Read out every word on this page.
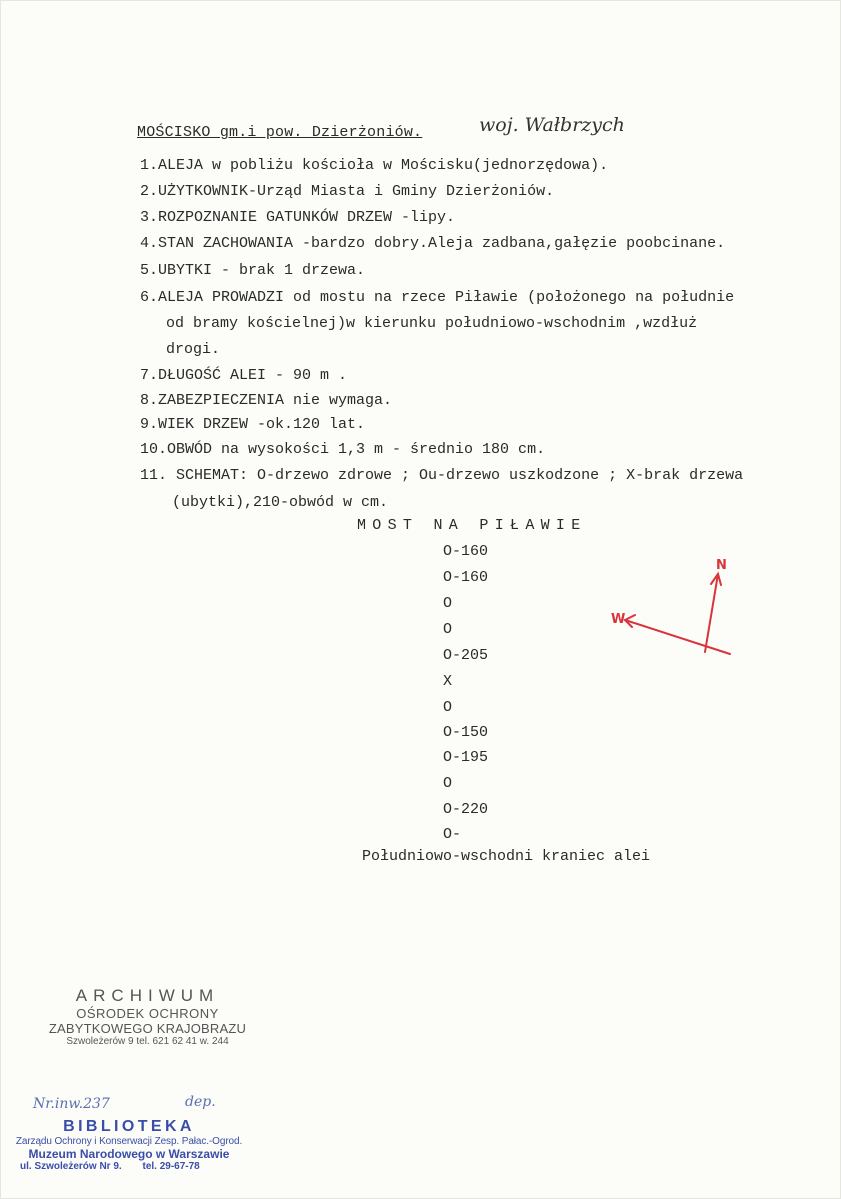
MOŚCISKO gm.i pow. Dzierżoniów.	woj. Wałbrzych
1.ALEJA w pobliżu kościoła w Mościsku(jednorzędowa).
2.UŻYTKOWNIK-Urząd Miasta i Gminy Dzierżoniów.
3.ROZPOZNANIE GATUNKÓW DRZEW -lipy.
4.STAN ZACHOWANIA -bardzo dobry.Aleja zadbana,gałęzie poobcinane.
5.UBYTKI - brak 1 drzewa.
6.ALEJA PROWADZI od mostu na rzece Piławie (położonego na południe
od bramy kościelnej)w kierunku południowo-wschodnim ,wzdłuż
drogi.
7.DŁUGOŚĆ ALEI - 90 m .
8.ZABEZPIECZENIA nie wymaga.
9.WIEK DRZEW -ok.120 lat.
10.OBWÓD na wysokości 1,3 m - średnio 180 cm.
11. SCHEMAT: O-drzewo zdrowe ; Ou-drzewo uszkodzone ; X-brak drzewa
(ubytki),210-obwód w cm.
MOST NA PIŁAWIE
O-160
O-160
O
O
O-205
X
O
O-150
O-195
O
O-220
O-
Południowo-wschodni kraniec alei
N
W
ARCHIWUM
OŚRODEK OCHRONY
ZABYTKOWEGO KRAJOBRAZU
Szwoleżerów 9 tel. 621 62 41 w. 244
Nr.inw.237	dep.
BIBLIOTEKA
Zarządu Ochrony i Konserwacji Zesp. Pałac.-Ogrod.
Muzeum Narodowego w Warszawie
ul. Szwoleżerów Nr 9. tel. 29-67-78
